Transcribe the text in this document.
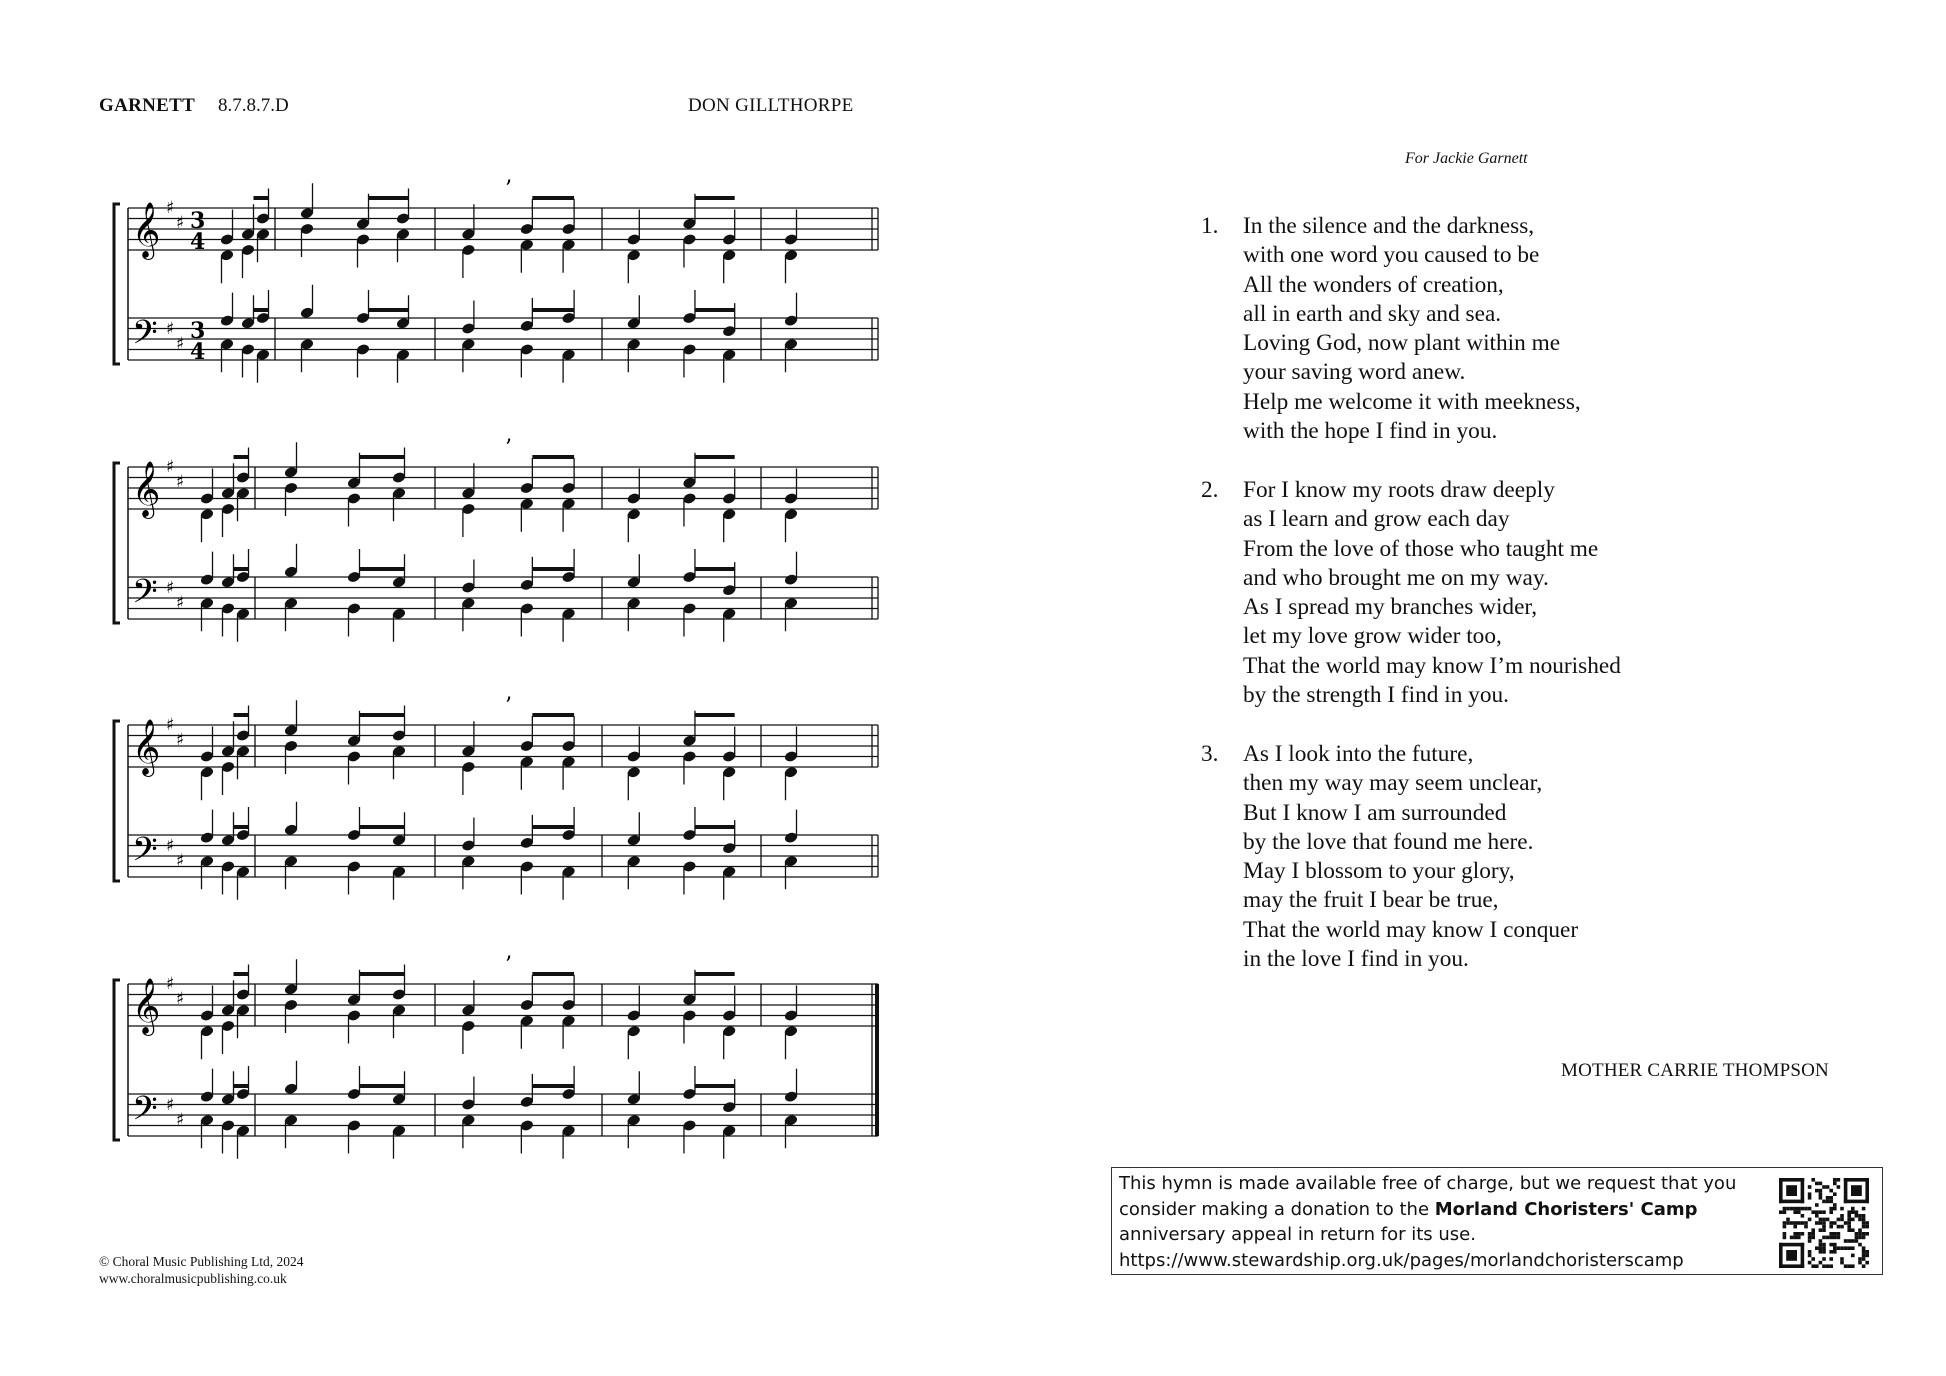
GARNETT 8.7.8.7.D	DON GILLTHORPE
𝄞
𝄢
♯
♯
♯
♯
3
4
3
4
’
𝄞
𝄢
♯
♯
♯
♯
’
𝄞
𝄢
♯
♯
♯
♯
’
𝄞
𝄢
♯
♯
♯
♯
’
For Jackie Garnett
1. In the silence and the darkness,
with one word you caused to be
All the wonders of creation,
all in earth and sky and sea.
Loving God, now plant within me
your saving word anew.
Help me welcome it with meekness,
with the hope I find in you.
2. For I know my roots draw deeply
as I learn and grow each day
From the love of those who taught me
and who brought me on my way.
As I spread my branches wider,
let my love grow wider too,
That the world may know I’m nourished
by the strength I find in you.
3. As I look into the future,
then my way may seem unclear,
But I know I am surrounded
by the love that found me here.
May I blossom to your glory,
may the fruit I bear be true,
That the world may know I conquer
in the love I find in you.
MOTHER CARRIE THOMPSON
© Choral Music Publishing Ltd, 2024
www.choralmusicpublishing.co.uk
This hymn is made available free of charge, but we request that you
consider making a donation to the Morland Choristers' Camp
anniversary appeal in return for its use.
https://www.stewardship.org.uk/pages/morlandchoristerscamp
